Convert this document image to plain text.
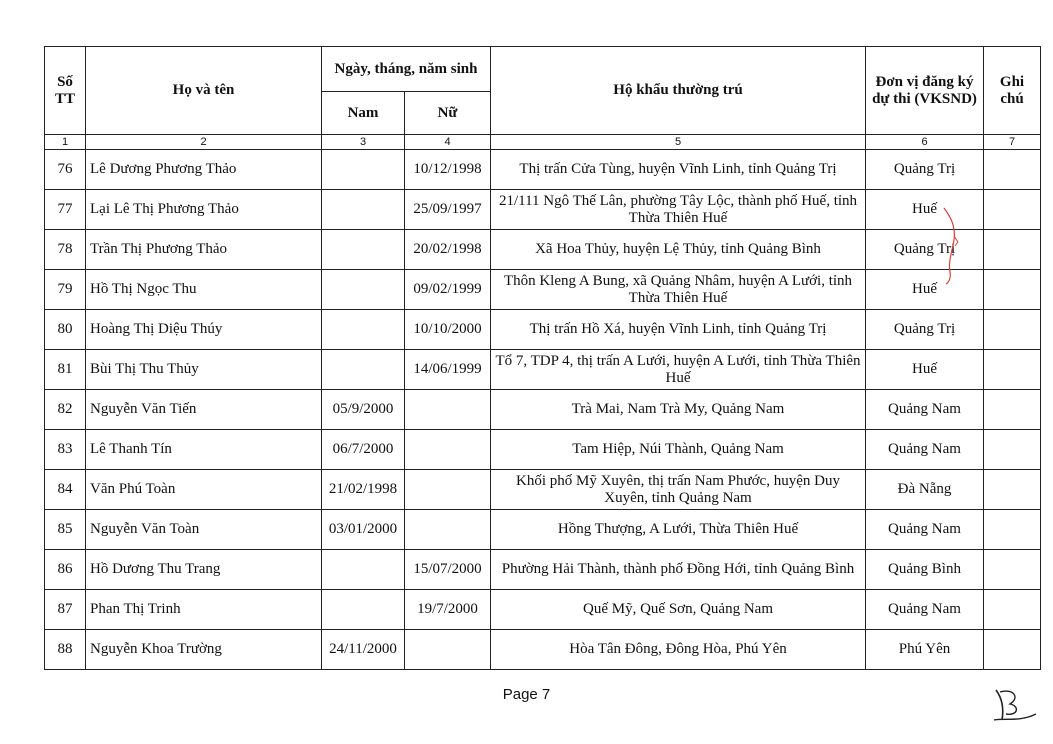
Số TT	Họ và tên	Ngày, tháng, năm sinh		Hộ khẩu thường trú	Đơn vị đăng ký dự thi (VKSND)	Ghi chú
		Nam	Nữ			
1	2	3	4	5	6	7
76	Lê Dương Phương Thảo		10/12/1998	Thị trấn Cửa Tùng, huyện Vĩnh Linh, tỉnh Quảng Trị	Quảng Trị	
77	Lại Lê Thị Phương Thảo		25/09/1997	21/111 Ngô Thế Lân, phường Tây Lộc, thành phố Huế, tỉnh Thừa Thiên Huế	Huế	
78	Trần Thị Phương Thảo		20/02/1998	Xã Hoa Thủy, huyện Lệ Thủy, tỉnh Quảng Bình	Quảng Trị	
79	Hồ Thị Ngọc Thu		09/02/1999	Thôn Kleng A Bung, xã Quảng Nhâm, huyện A Lưới, tỉnh Thừa Thiên Huế	Huế	
80	Hoàng Thị Diệu Thúy		10/10/2000	Thị trấn Hồ Xá, huyện Vĩnh Linh, tỉnh Quảng Trị	Quảng Trị	
81	Bùi Thị Thu Thủy		14/06/1999	Tổ 7, TDP 4, thị trấn A Lưới, huyện A Lưới, tỉnh Thừa Thiên Huế	Huế	
82	Nguyễn Văn Tiến	05/9/2000		Trà Mai, Nam Trà My, Quảng Nam	Quảng Nam	
83	Lê Thanh Tín	06/7/2000		Tam Hiệp, Núi Thành, Quảng Nam	Quảng Nam	
84	Văn Phú Toàn	21/02/1998		Khối phố Mỹ Xuyên, thị trấn Nam Phước, huyện Duy Xuyên, tỉnh Quảng Nam	Đà Nẵng	
85	Nguyễn Văn Toàn	03/01/2000		Hồng Thượng, A Lưới, Thừa Thiên Huế	Quảng Nam	
86	Hồ Dương Thu Trang		15/07/2000	Phường Hải Thành, thành phố Đồng Hới, tỉnh Quảng Bình	Quảng Bình	
87	Phan Thị Trinh		19/7/2000	Quế Mỹ, Quế Sơn, Quảng Nam	Quảng Nam	
88	Nguyễn Khoa Trường	24/11/2000		Hòa Tân Đông, Đông Hòa, Phú Yên	Phú Yên	
Page 7
